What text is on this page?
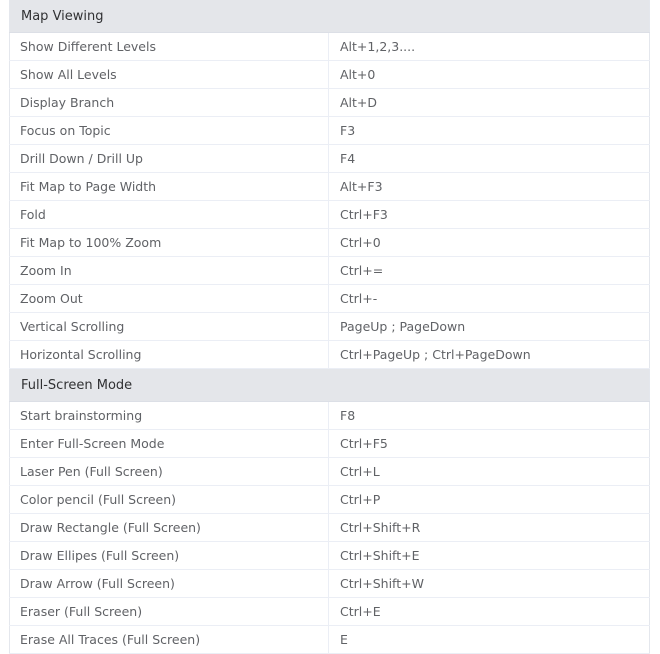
Map Viewing	
Show Different Levels	Alt+1,2,3....
Show All Levels	Alt+0
Display Branch	Alt+D
Focus on Topic	F3
Drill Down / Drill Up	F4
Fit Map to Page Width	Alt+F3
Fold	Ctrl+F3
Fit Map to 100% Zoom	Ctrl+0
Zoom In	Ctrl+=
Zoom Out	Ctrl+-
Vertical Scrolling	PageUp ; PageDown
Horizontal Scrolling	Ctrl+PageUp ; Ctrl+PageDown
Full-Screen Mode	
Start brainstorming	F8
Enter Full-Screen Mode	Ctrl+F5
Laser Pen (Full Screen)	Ctrl+L
Color pencil (Full Screen)	Ctrl+P
Draw Rectangle (Full Screen)	Ctrl+Shift+R
Draw Ellipes (Full Screen)	Ctrl+Shift+E
Draw Arrow (Full Screen)	Ctrl+Shift+W
Eraser (Full Screen)	Ctrl+E
Erase All Traces (Full Screen)	E
